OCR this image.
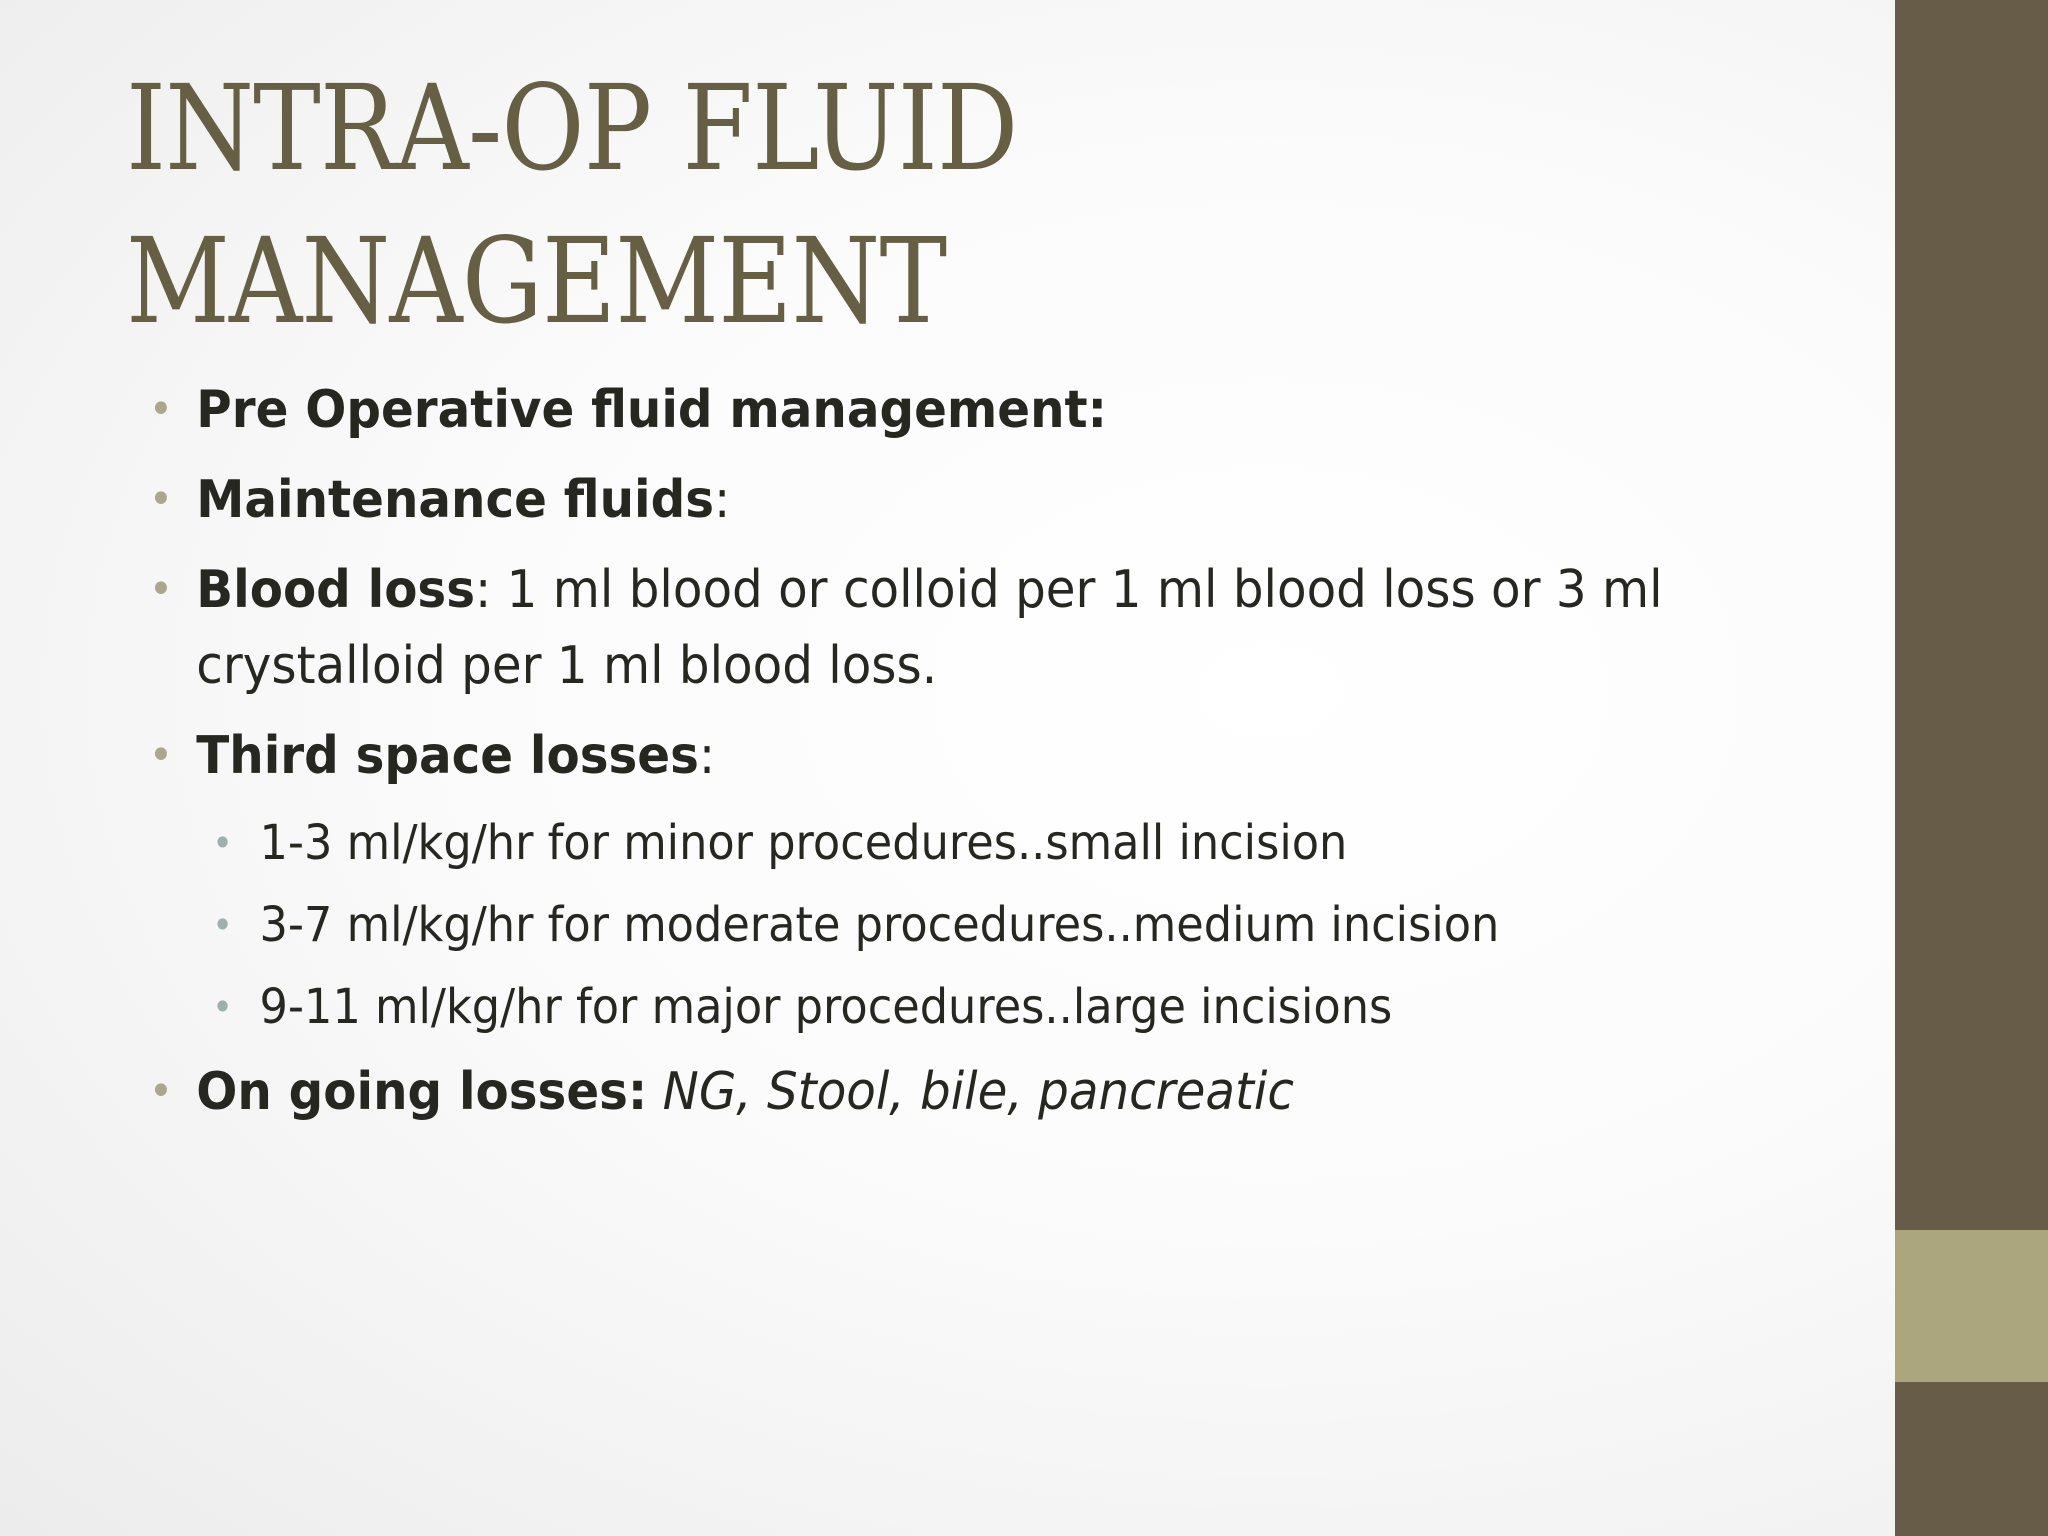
INTRA-OP FLUID
MANAGEMENT
• Pre Operative fluid management:
• Maintenance fluids:
• Blood loss: 1 ml blood or colloid per 1 ml blood loss or 3 ml crystalloid per 1 ml blood loss.
• Third space losses:
• 1-3 ml/kg/hr for minor procedures..small incision
• 3-7 ml/kg/hr for moderate procedures..medium incision
• 9-11 ml/kg/hr for major procedures..large incisions
• On going losses: NG, Stool, bile, pancreatic
